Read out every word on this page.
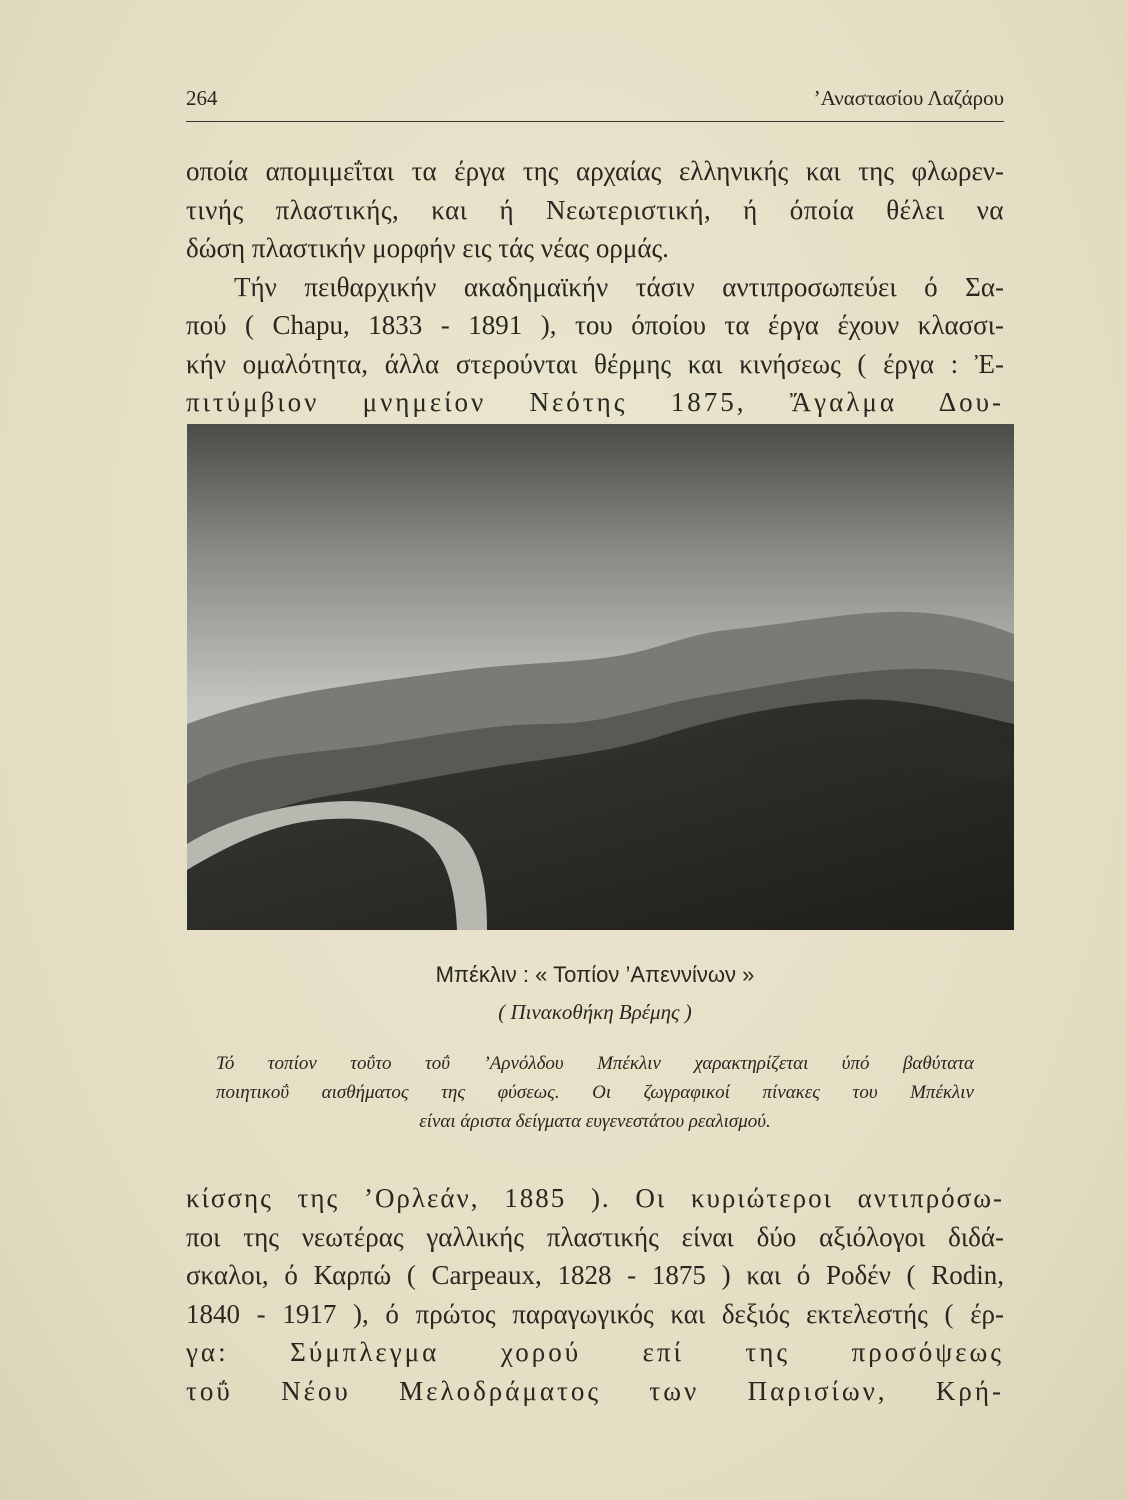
264	’Αναστασίου Λαζάρου
οποία απομιμεΐται τα έργα της αρχαίας ελληνικής και της φλωρεν-
τινής πλαστικής, και ή Νεωτεριστική, ή όποία θέλει να
δώση πλαστικήν μορφήν εις τάς νέας ορμάς.
Τήν πειθαρχικήν ακαδημαϊκήν τάσιν αντιπροσωπεύει ό Σα-
πού ( Chapu, 1833 - 1891 ), του όποίου τα έργα έχουν κλασσι-
κήν ομαλότητα, άλλα στερούνται θέρμης και κινήσεως ( έργα : Ἐ-
πιτύμβιον μνημείον Νεότης 1875, Ἄγαλμα Δου-
Μπέκλιν : « Τοπίον ’Απεννίνων »
( Πινακοθήκη Βρέμης )
Τό τοπίον τοΰτο τοΰ ’Αρνόλδου Μπέκλιν χαρακτηρίζεται ύπό βαθύτατα
ποιητικοΰ αισθήματος της φύσεως. Οι ζωγραφικοί πίνακες του Μπέκλιν
είναι άριστα δείγματα ευγενεστάτου ρεαλισμού.
κίσσης της ’Ορλεάν, 1885 ). Οι κυριώτεροι αντιπρόσω-
ποι της νεωτέρας γαλλικής πλαστικής είναι δύο αξιόλογοι διδά-
σκαλοι, ό Καρπώ ( Carpeaux, 1828 - 1875 ) και ό Ροδέν ( Rodin,
1840 - 1917 ), ό πρώτος παραγωγικός και δεξιός εκτελεστής ( έρ-
γα: Σύμπλεγμα χορού επί της προσόψεως
τοΰ Νέου Μελοδράματος των Παρισίων, Κρή-
